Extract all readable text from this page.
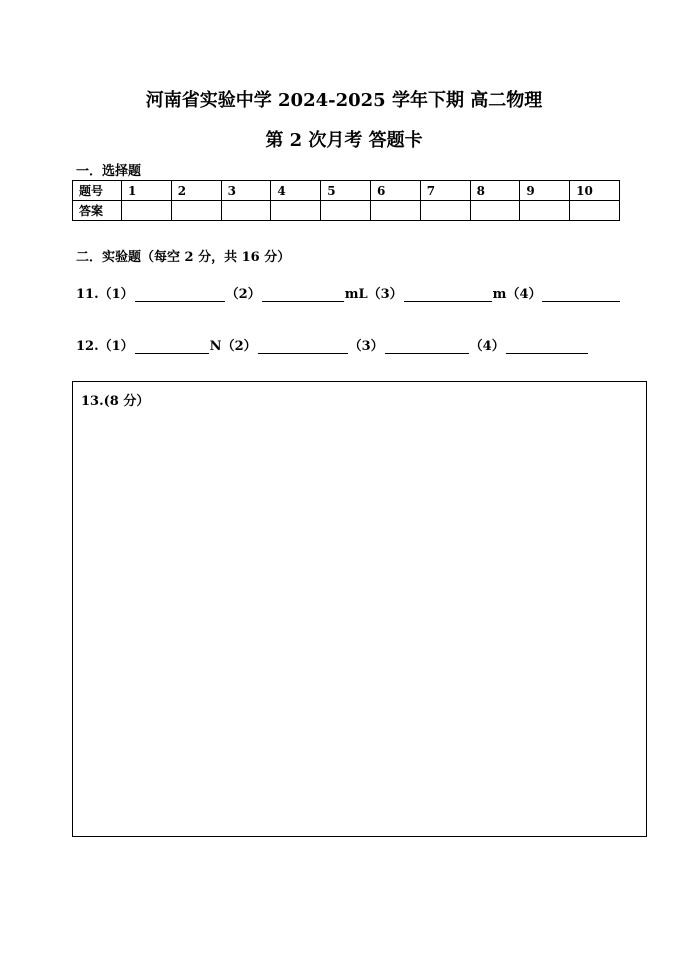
河南省实验中学 2024-2025 学年下期 高二物理
第 2 次月考 答题卡
一．选择题
题号	1	2	3	4	5	6	7	8	9	10
答案										
二．实验题（每空 2 分，共 16 分）
11. （1）	（2）	mL （3）	m （4）
12. （1）	N （2）	（3）	（4）
13.(8 分）
